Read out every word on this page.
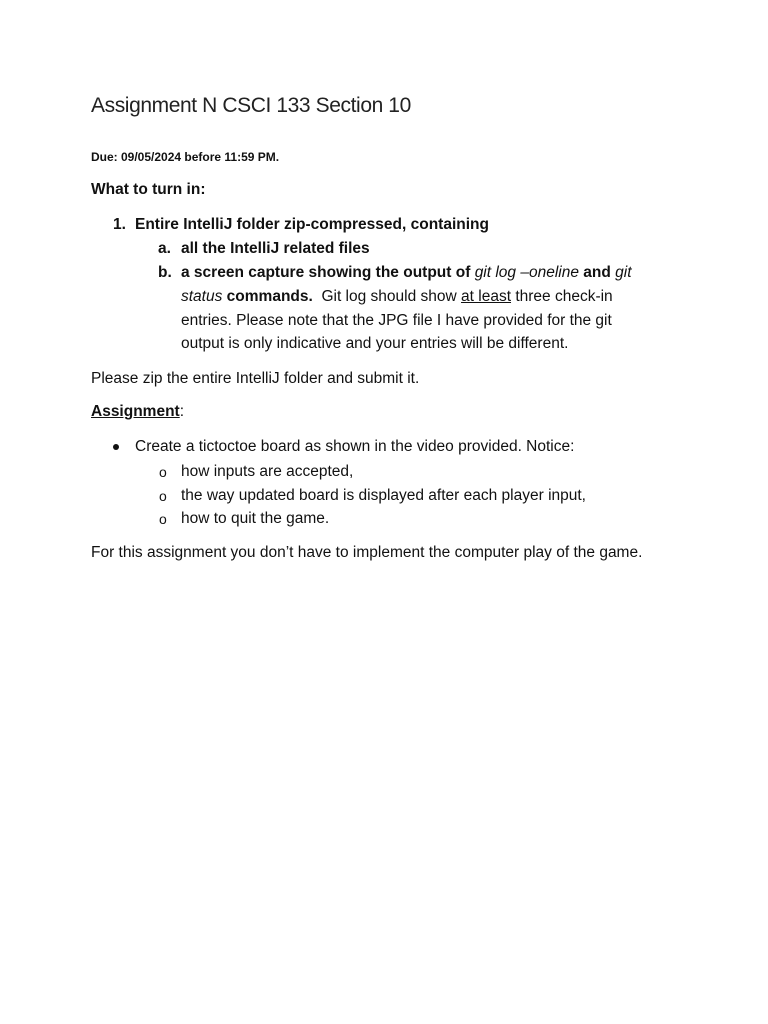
Assignment N CSCI 133 Section 10
Due: 09/05/2024 before 11:59 PM.
What to turn in:
1. Entire IntelliJ folder zip-compressed, containing
a. all the IntelliJ related files
b. a screen capture showing the output of git log –oneline and git
status commands. Git log should show at least three check-in
entries. Please note that the JPG file I have provided for the git
output is only indicative and your entries will be different.
Please zip the entire IntelliJ folder and submit it.
Assignment:
Create a tictoctoe board as shown in the video provided. Notice:
o how inputs are accepted,
o the way updated board is displayed after each player input,
o how to quit the game.
For this assignment you don’t have to implement the computer play of the game.
